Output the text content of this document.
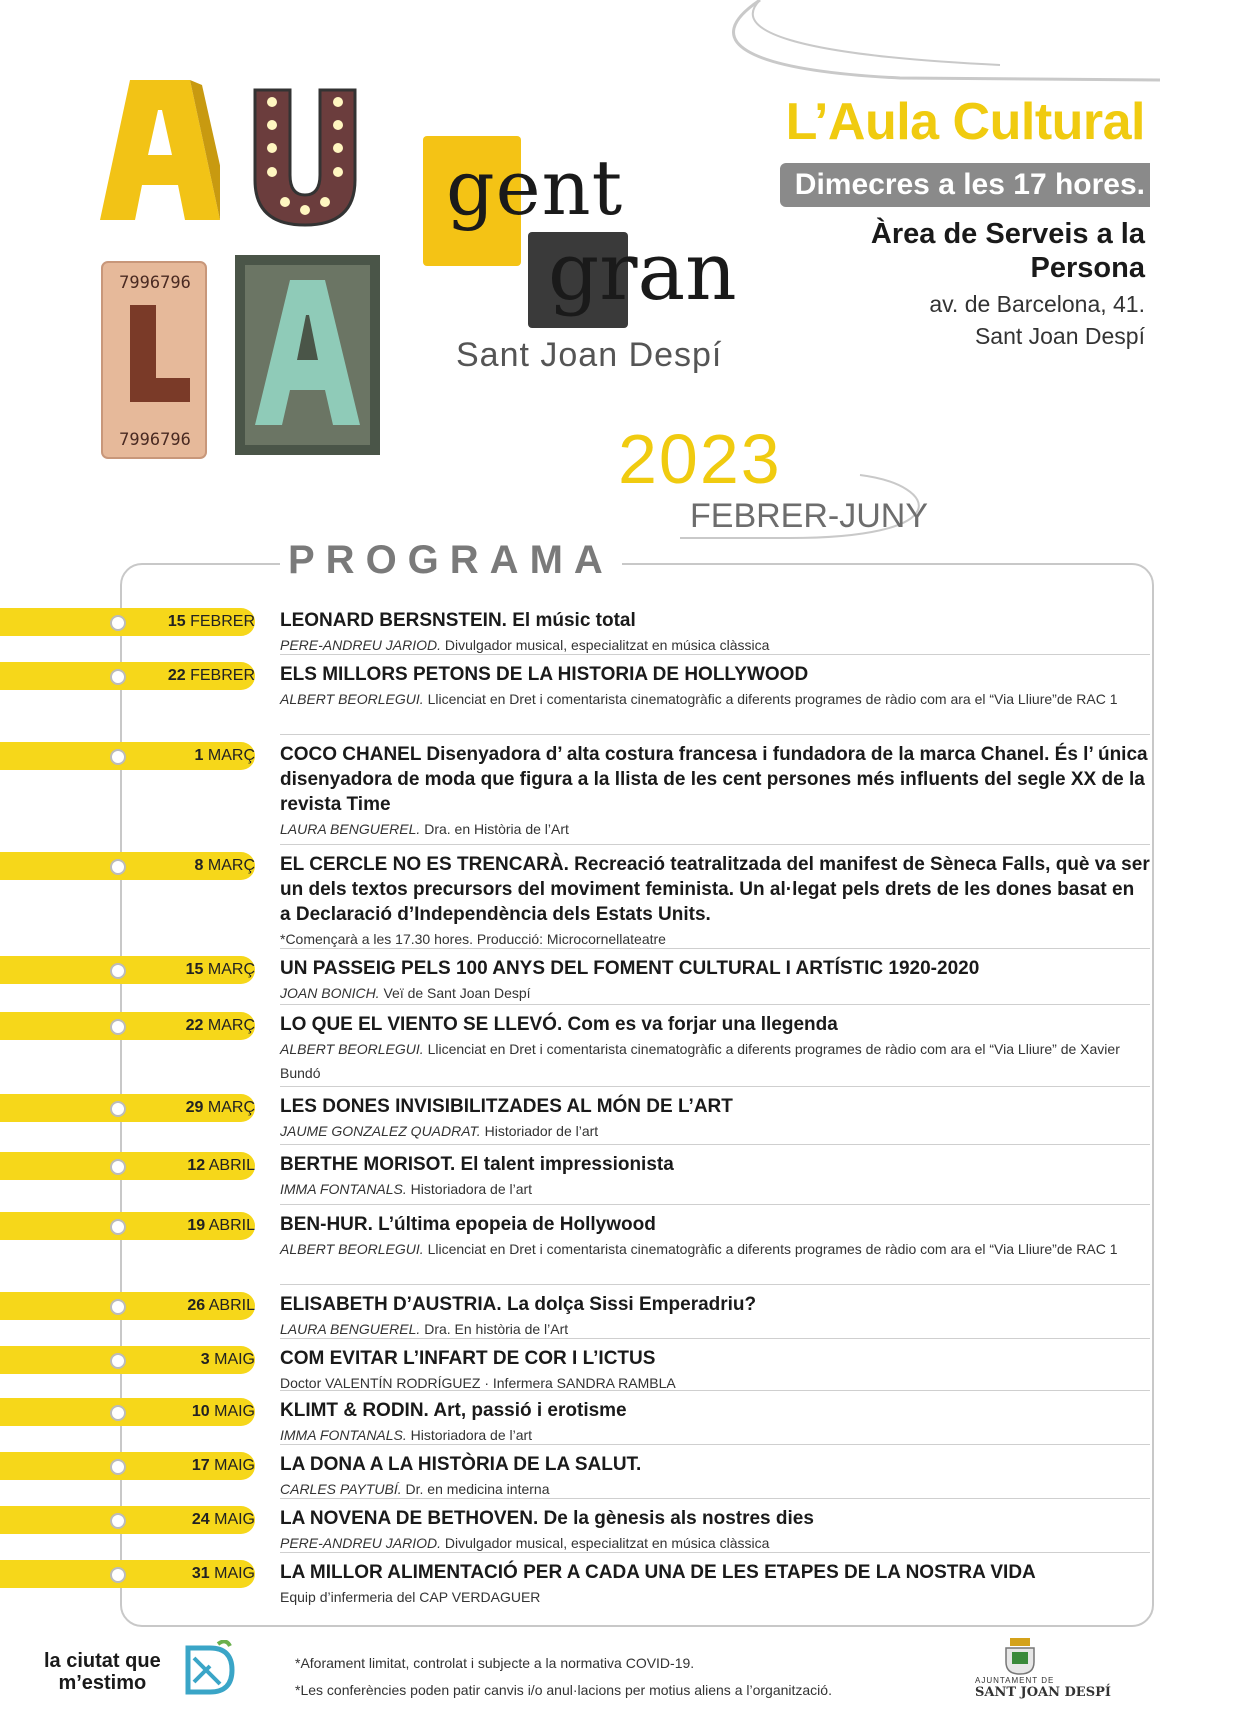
7996796
7996796
gent
gran
Sant Joan Despí
L’Aula Cultural
Dimecres a les 17 hores.
Àrea de Serveis a la
Persona
av. de Barcelona, 41.
Sant Joan Despí
2023
FEBRER-JUNY
PROGRAMA
15 FEBRER LEONARD BERSNSTEIN. El músic total
PERE-ANDREU JARIOD. Divulgador musical, especialitzat en música clàssica
22 FEBRER ELS MILLORS PETONS DE LA HISTORIA DE HOLLYWOOD
ALBERT BEORLEGUI. Llicenciat en Dret i comentarista cinematogràfic a diferents programes de ràdio com ara el “Via Lliure”de RAC 1
1 MARÇ COCO CHANEL Disenyadora d’ alta costura francesa i fundadora de la marca Chanel. És l’ única disenyadora de moda que figura a la llista de les cent persones més influents del segle XX de la revista Time
LAURA BENGUEREL. Dra. en Història de l’Art
8 MARÇ EL CERCLE NO ES TRENCARÀ. Recreació teatralitzada del manifest de Sèneca Falls, què va ser un dels textos precursors del moviment feminista. Un al·legat pels drets de les dones basat en a Declaració d’Independència dels Estats Units.
*Començarà a les 17.30 hores. Producció: Microcornellateatre
15 MARÇ UN PASSEIG PELS 100 ANYS DEL FOMENT CULTURAL I ARTÍSTIC 1920-2020
JOAN BONICH. Veï de Sant Joan Despí
22 MARÇ LO QUE EL VIENTO SE LLEVÓ. Com es va forjar una llegenda
ALBERT BEORLEGUI. Llicenciat en Dret i comentarista cinematogràfic a diferents programes de ràdio com ara el “Via Lliure” de Xavier Bundó
29 MARÇ LES DONES INVISIBILITZADES AL MÓN DE L’ART
JAUME GONZALEZ QUADRAT. Historiador de l’art
12 ABRIL BERTHE MORISOT. El talent impressionista
IMMA FONTANALS. Historiadora de l’art
19 ABRIL BEN-HUR. L’última epopeia de Hollywood
ALBERT BEORLEGUI. Llicenciat en Dret i comentarista cinematogràfic a diferents programes de ràdio com ara el “Via Lliure”de RAC 1
26 ABRIL ELISABETH D’AUSTRIA. La dolça Sissi Emperadriu?
LAURA BENGUEREL. Dra. En història de l’Art
3 MAIG COM EVITAR L’INFART DE COR I L’ICTUS
Doctor VALENTÍN RODRÍGUEZ · Infermera SANDRA RAMBLA
10 MAIG KLIMT & RODIN. Art, passió i erotisme
IMMA FONTANALS. Historiadora de l’art
17 MAIG LA DONA A LA HISTÒRIA DE LA SALUT.
CARLES PAYTUBÍ. Dr. en medicina interna
24 MAIG LA NOVENA DE BETHOVEN. De la gènesis als nostres dies
PERE-ANDREU JARIOD. Divulgador musical, especialitzat en música clàssica
31 MAIG LA MILLOR ALIMENTACIÓ PER A CADA UNA DE LES ETAPES DE LA NOSTRA VIDA
Equip d’infermeria del CAP VERDAGUER
la ciutat que
m’estimo
*Aforament limitat, controlat i subjecte a la normativa COVID-19.
*Les conferències poden patir canvis i/o anul·lacions per motius aliens a l’organització.
AJUNTAMENT DE
SANT JOAN DESPÍ
